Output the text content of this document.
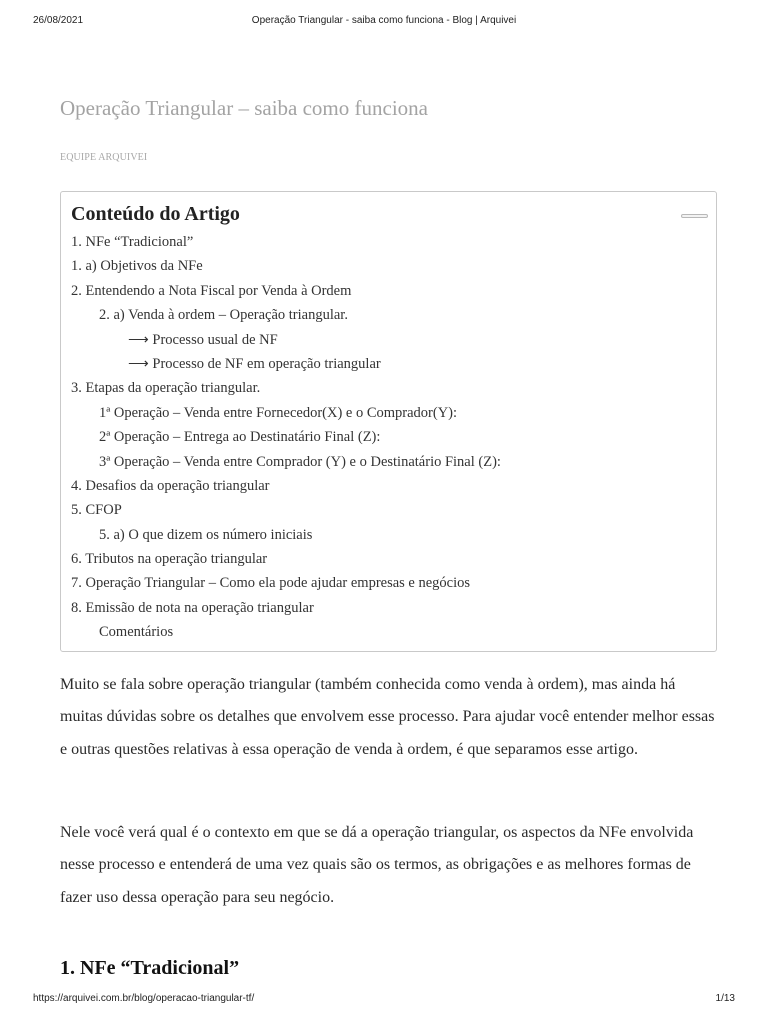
26/08/2021	Operação Triangular - saiba como funciona - Blog | Arquivei
Operação Triangular – saiba como funciona
EQUIPE ARQUIVEI
Conteúdo do Artigo
1. NFe “Tradicional”
1. a) Objetivos da NFe
2. Entendendo a Nota Fiscal por Venda à Ordem
2. a) Venda à ordem – Operação triangular.
⟶ Processo usual de NF
⟶ Processo de NF em operação triangular
3. Etapas da operação triangular.
1ª Operação – Venda entre Fornecedor(X) e o Comprador(Y):
2ª Operação – Entrega ao Destinatário Final (Z):
3ª Operação – Venda entre Comprador (Y) e o Destinatário Final (Z):
4. Desafios da operação triangular
5. CFOP
5. a) O que dizem os número iniciais
6. Tributos na operação triangular
7. Operação Triangular – Como ela pode ajudar empresas e negócios
8. Emissão de nota na operação triangular
Comentários

Muito se fala sobre operação triangular (também conhecida como venda à ordem), mas ainda há muitas dúvidas sobre os detalhes que envolvem esse processo. Para ajudar você entender melhor essas e outras questões relativas à essa operação de venda à ordem, é que separamos esse artigo.

Nele você verá qual é o contexto em que se dá a operação triangular, os aspectos da NFe envolvida nesse processo e entenderá de uma vez quais são os termos, as obrigações e as melhores formas de fazer uso dessa operação para seu negócio.

1. NFe “Tradicional”
https://arquivei.com.br/blog/operacao-triangular-tf/	1/13
